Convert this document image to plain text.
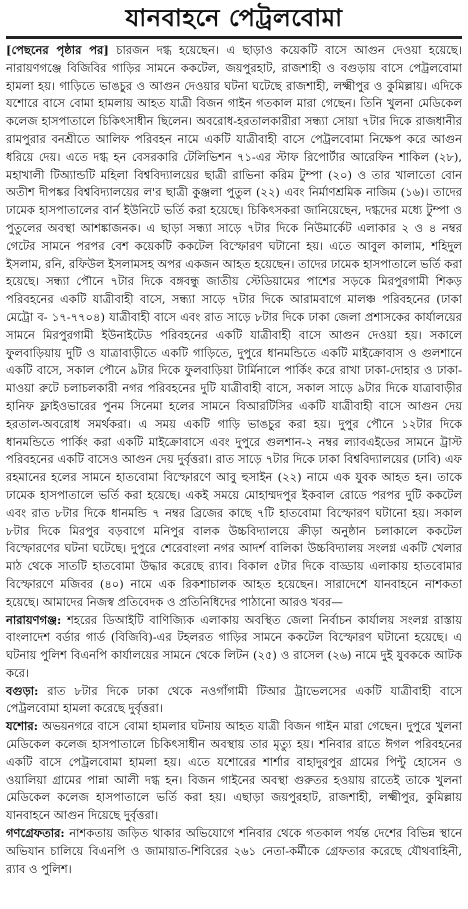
যানবাহনে পেট্রলবোমা

[পেছনের পৃষ্ঠার পর] চারজন দগ্ধ হয়েছেন। এ ছাড়াও কয়েকটি বাসে আগুন দেওয়া হয়েছে। নারায়ণগঞ্জে বিজিবির গাড়ির সামনে ককটেল, জয়পুরহাট, রাজশাহী ও বগুড়ায় বাসে পেট্রলবোমা হামলা হয়। গাড়িতে ভাঙচুর ও আগুন দেওয়ার ঘটনা ঘটেছে রাজশাহী, লক্ষ্মীপুর ও কুমিল্লায়। এদিকে যশোরে বাসে বোমা হামলায় আহত যাত্রী বিজন গাইন গতকাল মারা গেছেন। তিনি খুলনা মেডিকেল কলেজ হাসপাতালে চিকিৎসাধীন ছিলেন। অবরোধ-হরতালকারীরা সন্ধ্যা সোয়া ৭টার দিকে রাজধানীর রামপুরার বনশ্রীতে আলিফ পরিবহন নামে একটি যাত্রীবাহী বাসে পেট্রলবোমা নিক্ষেপ করে আগুন ধরিয়ে দেয়। এতে দগ্ধ হন বেসরকারি টেলিভিশন ৭১-এর স্টাফ রিপোর্টার আরেফিন শাকিল (২৮), মহাখালী টিঅ্যান্ডটি মহিলা বিশ্ববিদ্যালয়ের ছাত্রী রাভিনা করিম টুম্পা (২০) ও তার খালাতো বোন অতীশ দীপঙ্কর বিশ্ববিদ্যালয়ের ল'র ছাত্রী কুঞ্জলা পুতুল (২২) এবং নির্মাণশ্রমিক নাজিম (১৬)। তাদের ঢামেক হাসপাতালের বার্ন ইউনিটে ভর্তি করা হয়েছে। চিকিৎসকরা জানিয়েছেন, দগ্ধদের মধ্যে টুম্পা ও পুতুলের অবস্থা আশঙ্কাজনক। এ ছাড়া সন্ধ্যা সাড়ে ৭টার দিকে নিউমার্কেট এলাকার ২ ও ৪ নম্বর গেটের সামনে পরপর বেশ কয়েকটি ককটেল বিস্ফোরণ ঘটানো হয়। এতে আবুল কালাম, শহিদুল ইসলাম, রনি, রফিউল ইসলামসহ অপর একজন আহত হয়েছেন। তাদের ঢামেক হাসপাতালে ভর্তি করা হয়েছে। সন্ধ্যা পৌনে ৭টার দিকে বঙ্গবন্ধু জাতীয় স্টেডিয়ামের পাশের সড়কে মিরপুরগামী শিকড় পরিবহনের একটি যাত্রীবাহী বাসে, সন্ধ্যা সাড়ে ৭টার দিকে আরামবাগে মালঞ্চ পরিবহনের (ঢাকা মেট্রো ব- ১৭-৭৭০৪) যাত্রীবাহী বাসে এবং রাত সাড়ে ৮টার দিকে ঢাকা জেলা প্রশাসকের কার্যালয়ের সামনে মিরপুরগামী ইউনাইটেড পরিবহনের একটি যাত্রীবাহী বাসে আগুন দেওয়া হয়। সকালে ফুলবাড়িয়ায় দুটি ও যাত্রাবাড়ীতে একটি গাড়িতে, দুপুরে ধানমন্ডিতে একটি মাইক্রোবাস ও গুলশানে একটি বাসে, সকাল পৌনে ৯টার দিকে ফুলবাড়িয়া টার্মিনালে পার্কিং করে রাখা ঢাকা-দোহার ও ঢাকা-মাওয়া রুটে চলাচলকারী নগর পরিবহনের দুটি যাত্রীবাহী বাসে, সকাল সাড়ে ৯টার দিকে যাত্রাবাড়ীর হানিফ ফ্লাইওভারের পুনম সিনেমা হলের সামনে বিআরটিসির একটি যাত্রীবাহী বাসে আগুন দেয় হরতাল-অবরোধ সমর্থকরা। এ সময় একটি গাড়ি ভাঙচুর করা হয়। দুপুর পৌনে ১২টার দিকে ধানমন্ডিতে পার্কিং করা একটি মাইক্রোবাসে এবং দুপুরে গুলশান-২ নম্বর ল্যাবএইডের সামনে ট্রাস্ট পরিবহনের একটি বাসেও আগুন দেয় দুর্বৃত্তরা। রাত সাড়ে ৭টার দিকে ঢাকা বিশ্ববিদ্যালয়ের (ঢাবি) এফ রহমানের হলের সামনে হাতবোমা বিস্ফোরণে আবু হুসাইন (২২) নামে এক যুবক আহত হন। তাকে ঢামেক হাসপাতালে ভর্তি করা হয়েছে। একই সময়ে মোহাম্মদপুর ইকবাল রোডে পরপর দুটি ককটেল এবং রাত ৮টার দিকে ধানমন্ডি ৭ নম্বর ব্রিজের কাছে ৭টি হাতবোমা বিস্ফোরণ ঘটানো হয়। সকাল ৮টার দিকে মিরপুর বড়বাগে মনিপুর বালক উচ্চবিদ্যালয়ে ক্রীড়া অনুষ্ঠান চলাকালে ককটেল বিস্ফোরণের ঘটনা ঘটেছে। দুপুরে শেরেবাংলা নগর আদর্শ বালিকা উচ্চবিদ্যালয় সংলগ্ন একটি খেলার মাঠ থেকে সাতটি হাতবোমা উদ্ধার করেছে র‌্যাব। বিকাল ৫টার দিকে বাড্ডায় এলাকায় হাতবোমার বিস্ফোরণে মজিবর (৪০) নামে এক রিকশাচালক আহত হয়েছেন। সারাদেশে যানবাহনে নাশকতা হয়েছে। আমাদের নিজস্ব প্রতিবেদক ও প্রতিনিধিদের পাঠানো আরও খবর—

নারায়ণগঞ্জ: শহরের ডিআইটি বাণিজ্যিক এলাকায় অবস্থিত জেলা নির্বাচন কার্যালয় সংলগ্ন রাস্তায় বাংলাদেশ বর্ডার গার্ড (বিজিবি)-এর টহলরত গাড়ির সামনে ককটেল বিস্ফোরণ ঘটানো হয়েছে। এ ঘটনায় পুলিশ বিএনপি কার্যালয়ের সামনে থেকে লিটন (২৫) ও রাসেল (২৬) নামে দুই যুবককে আটক করে।

বগুড়া: রাত ৮টার দিকে ঢাকা থেকে নওগাঁগামী টিআর ট্রাভেলসের একটি যাত্রীবাহী বাসে পেট্রলবোমা হামলা করেছে দুর্বৃত্তরা।

যশোর: অভয়নগরে বাসে বোমা হামলার ঘটনায় আহত যাত্রী বিজন গাইন মারা গেছেন। দুপুরে খুলনা মেডিকেল কলেজ হাসপাতালে চিকিৎসাধীন অবস্থায় তার মৃত্যু হয়। শনিবার রাতে ঈগল পরিবহনের একটি বাসে পেট্রলবোমা হামলা হয়। এতে যশোরের শার্শার বাহাদুরপুর গ্রামের পিন্টু হোসেন ও ওয়ালিয়া গ্রামের পান্না আলী দগ্ধ হন। বিজন গাইনের অবস্থা গুরুতর হওয়ায় রাতেই তাকে খুলনা মেডিকেল কলেজ হাসপাতালে ভর্তি করা হয়। এছাড়া জয়পুরহাট, রাজশাহী, লক্ষ্মীপুর, কুমিল্লায় যানবাহনে আগুন দিয়েছে দুর্বৃত্তরা।

গণগ্রেফতার: নাশকতায় জড়িত থাকার অভিযোগে শনিবার থেকে গতকাল পর্যন্ত দেশের বিভিন্ন স্থানে অভিযান চালিয়ে বিএনপি ও জামায়াত-শিবিরের ২৬১ নেতা-কর্মীকে গ্রেফতার করেছে যৌথবাহিনী, র‌্যাব ও পুলিশ।
